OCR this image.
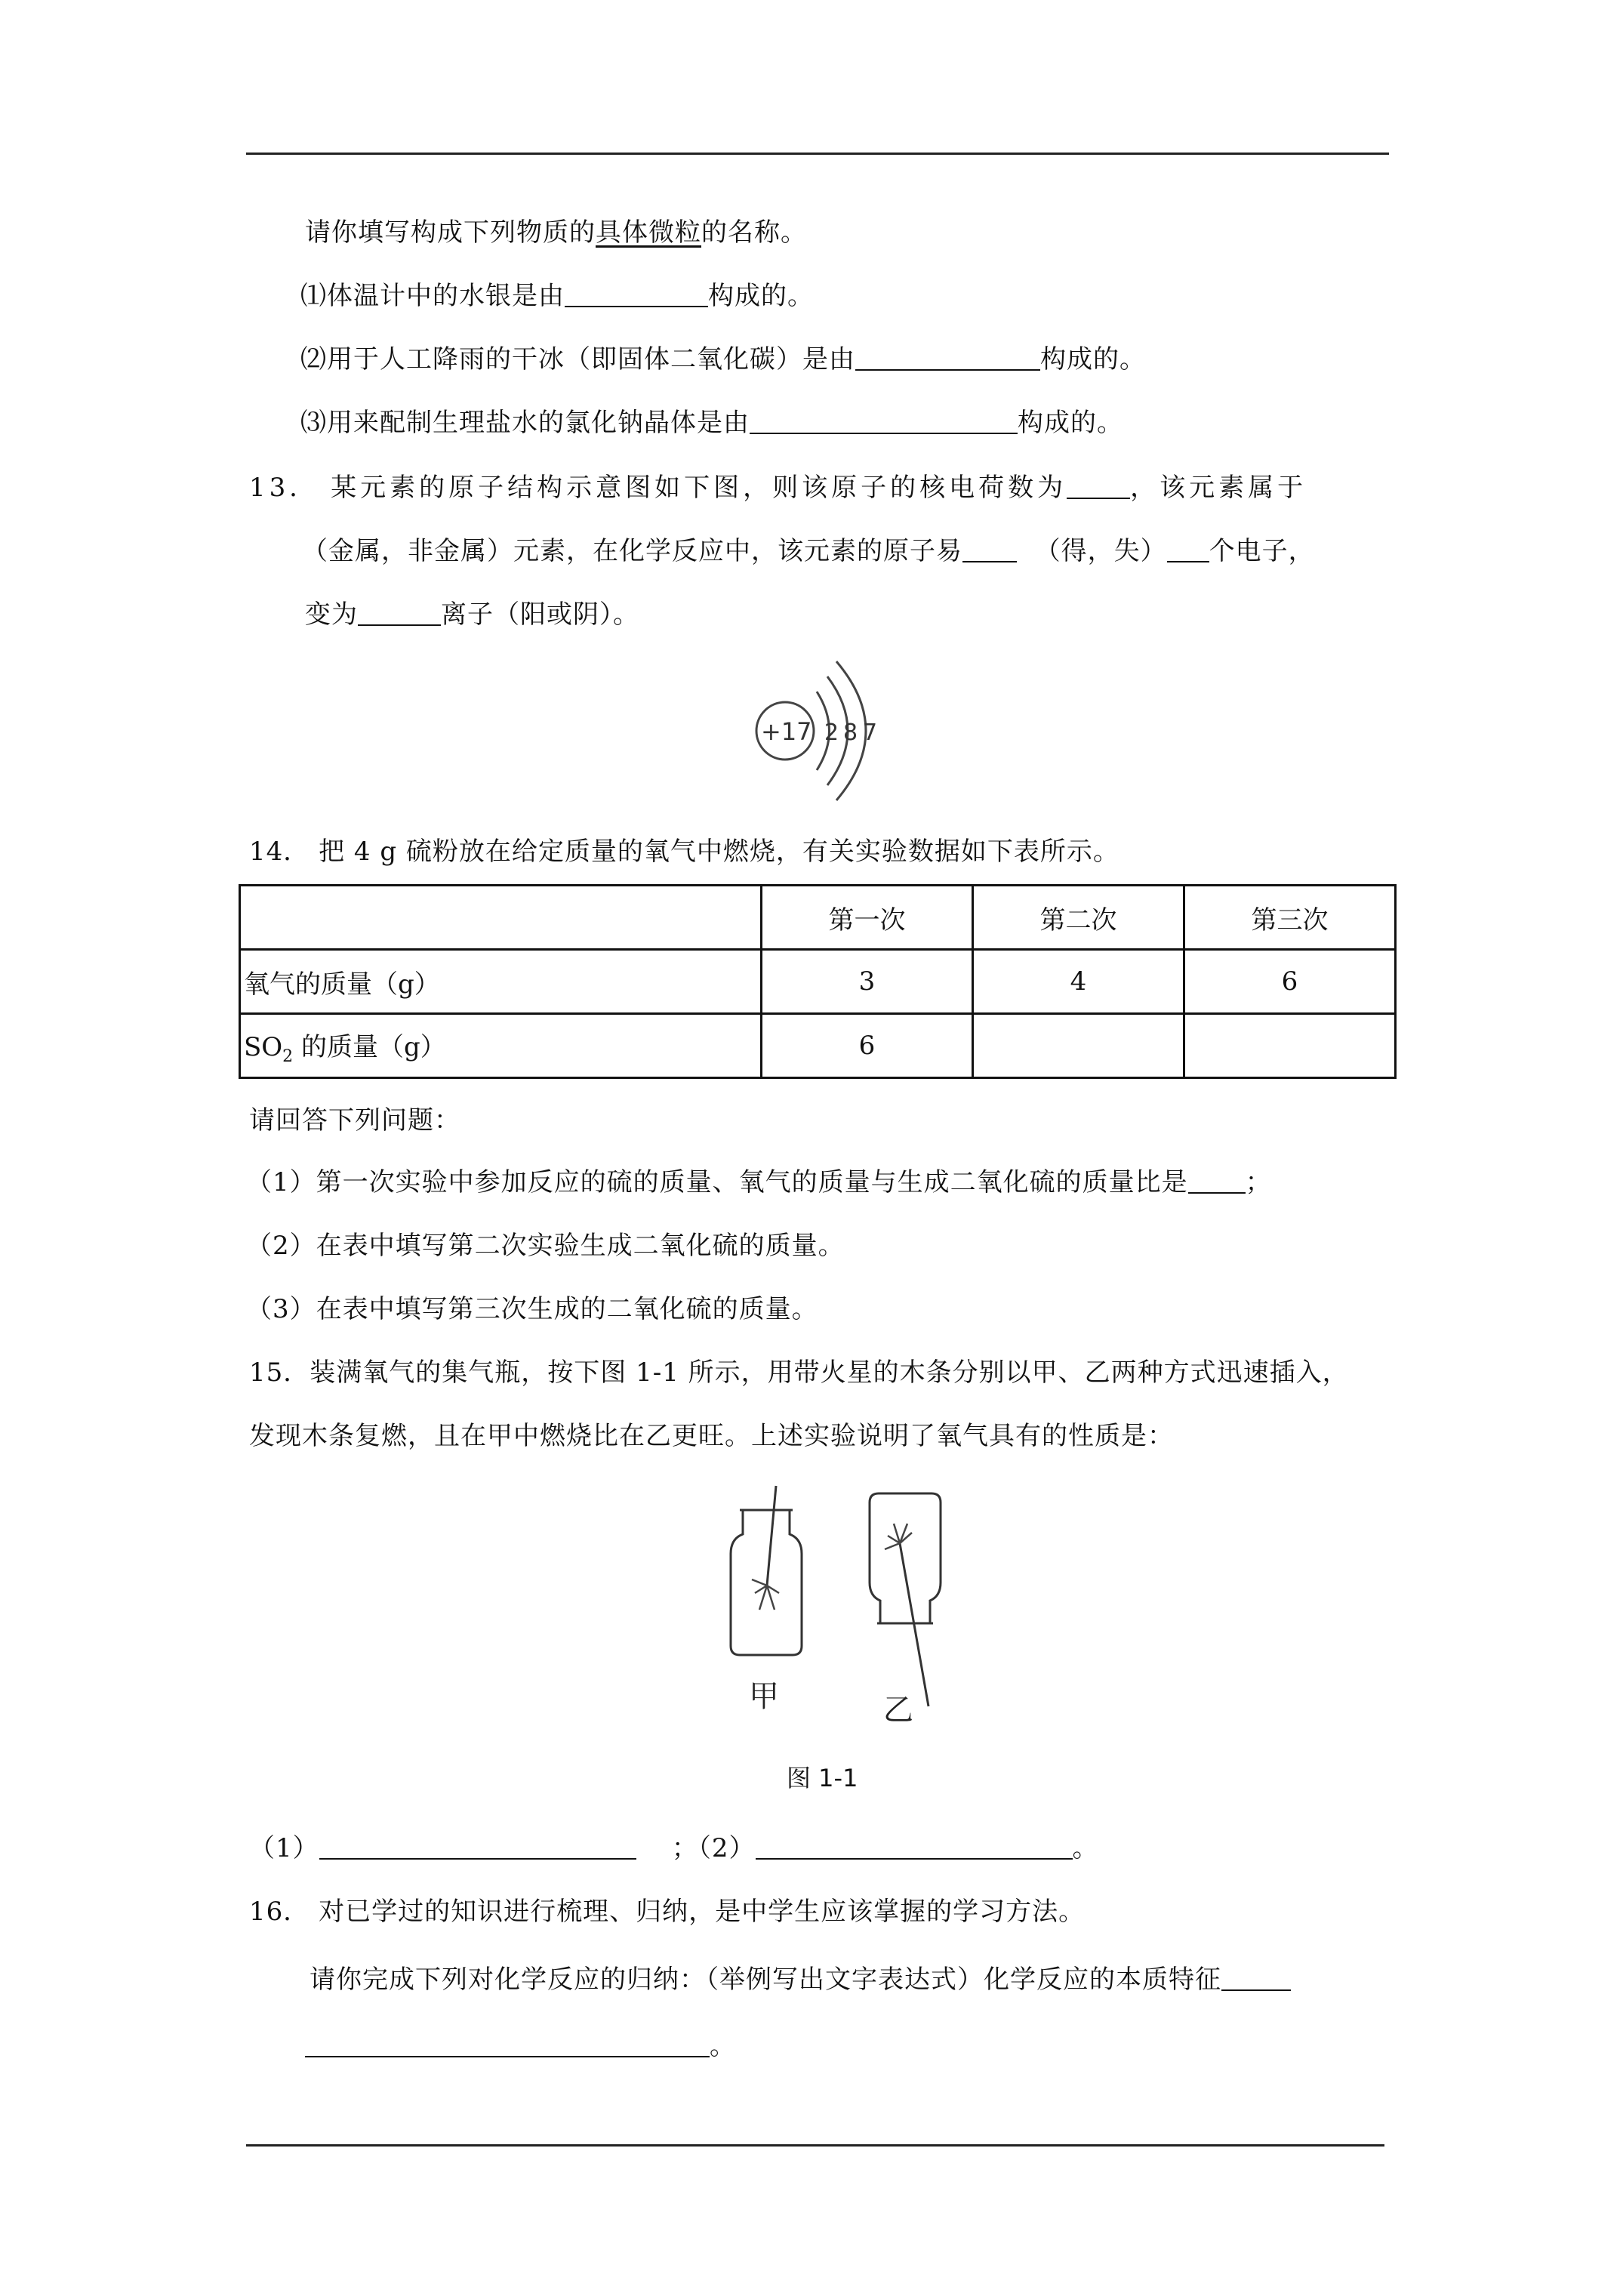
请你填写构成下列物质的具体微粒的名称。
⑴体温计中的水银是由	构成的。
⑵用于人工降雨的干冰（即固体二氧化碳）是由	构成的。
⑶用来配制生理盐水的氯化钠晶体是由	构成的。
13． 某元素的原子结构示意图如下图，则该原子的核电荷数为 ，该元素属于
（金属，非金属）元素，在化学反应中，该元素的原子易	（得，失） 个电子，
变为	离子（阳或阴）。
+17 2 8 7
14． 把 4 g 硫粉放在给定质量的氧气中燃烧，有关实验数据如下表所示。
	第一次	第二次	第三次
氧气的质量（g）	3	4	6
$SO_2$ 的质量（g）	6		
请回答下列问题：
（1）第一次实验中参加反应的硫的质量、氧气的质量与生成二氧化硫的质量比是 ；
（2）在表中填写第二次实验生成二氧化硫的质量。
（3）在表中填写第三次生成的二氧化硫的质量。
15．装满氧气的集气瓶，按下图 1-1 所示，用带火星的木条分别以甲、乙两种方式迅速插入，
发现木条复燃，且在甲中燃烧比在乙更旺。上述实验说明了氧气具有的性质是：
甲	乙
图 1-1
（1）	；（2）	。
16． 对已学过的知识进行梳理、归纳，是中学生应该掌握的学习方法。
请你完成下列对化学反应的归纳：（举例写出文字表达式）化学反应的本质特征
。
